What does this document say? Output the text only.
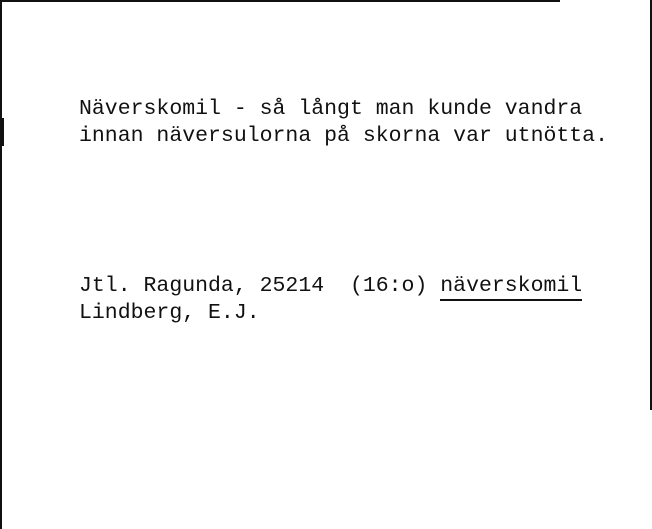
Näverskomil - så långt man kunde vandra
innan näversulorna på skorna var utnötta.
Jtl. Ragunda, 25214  (16:o) näverskomil
Lindberg, E.J.
